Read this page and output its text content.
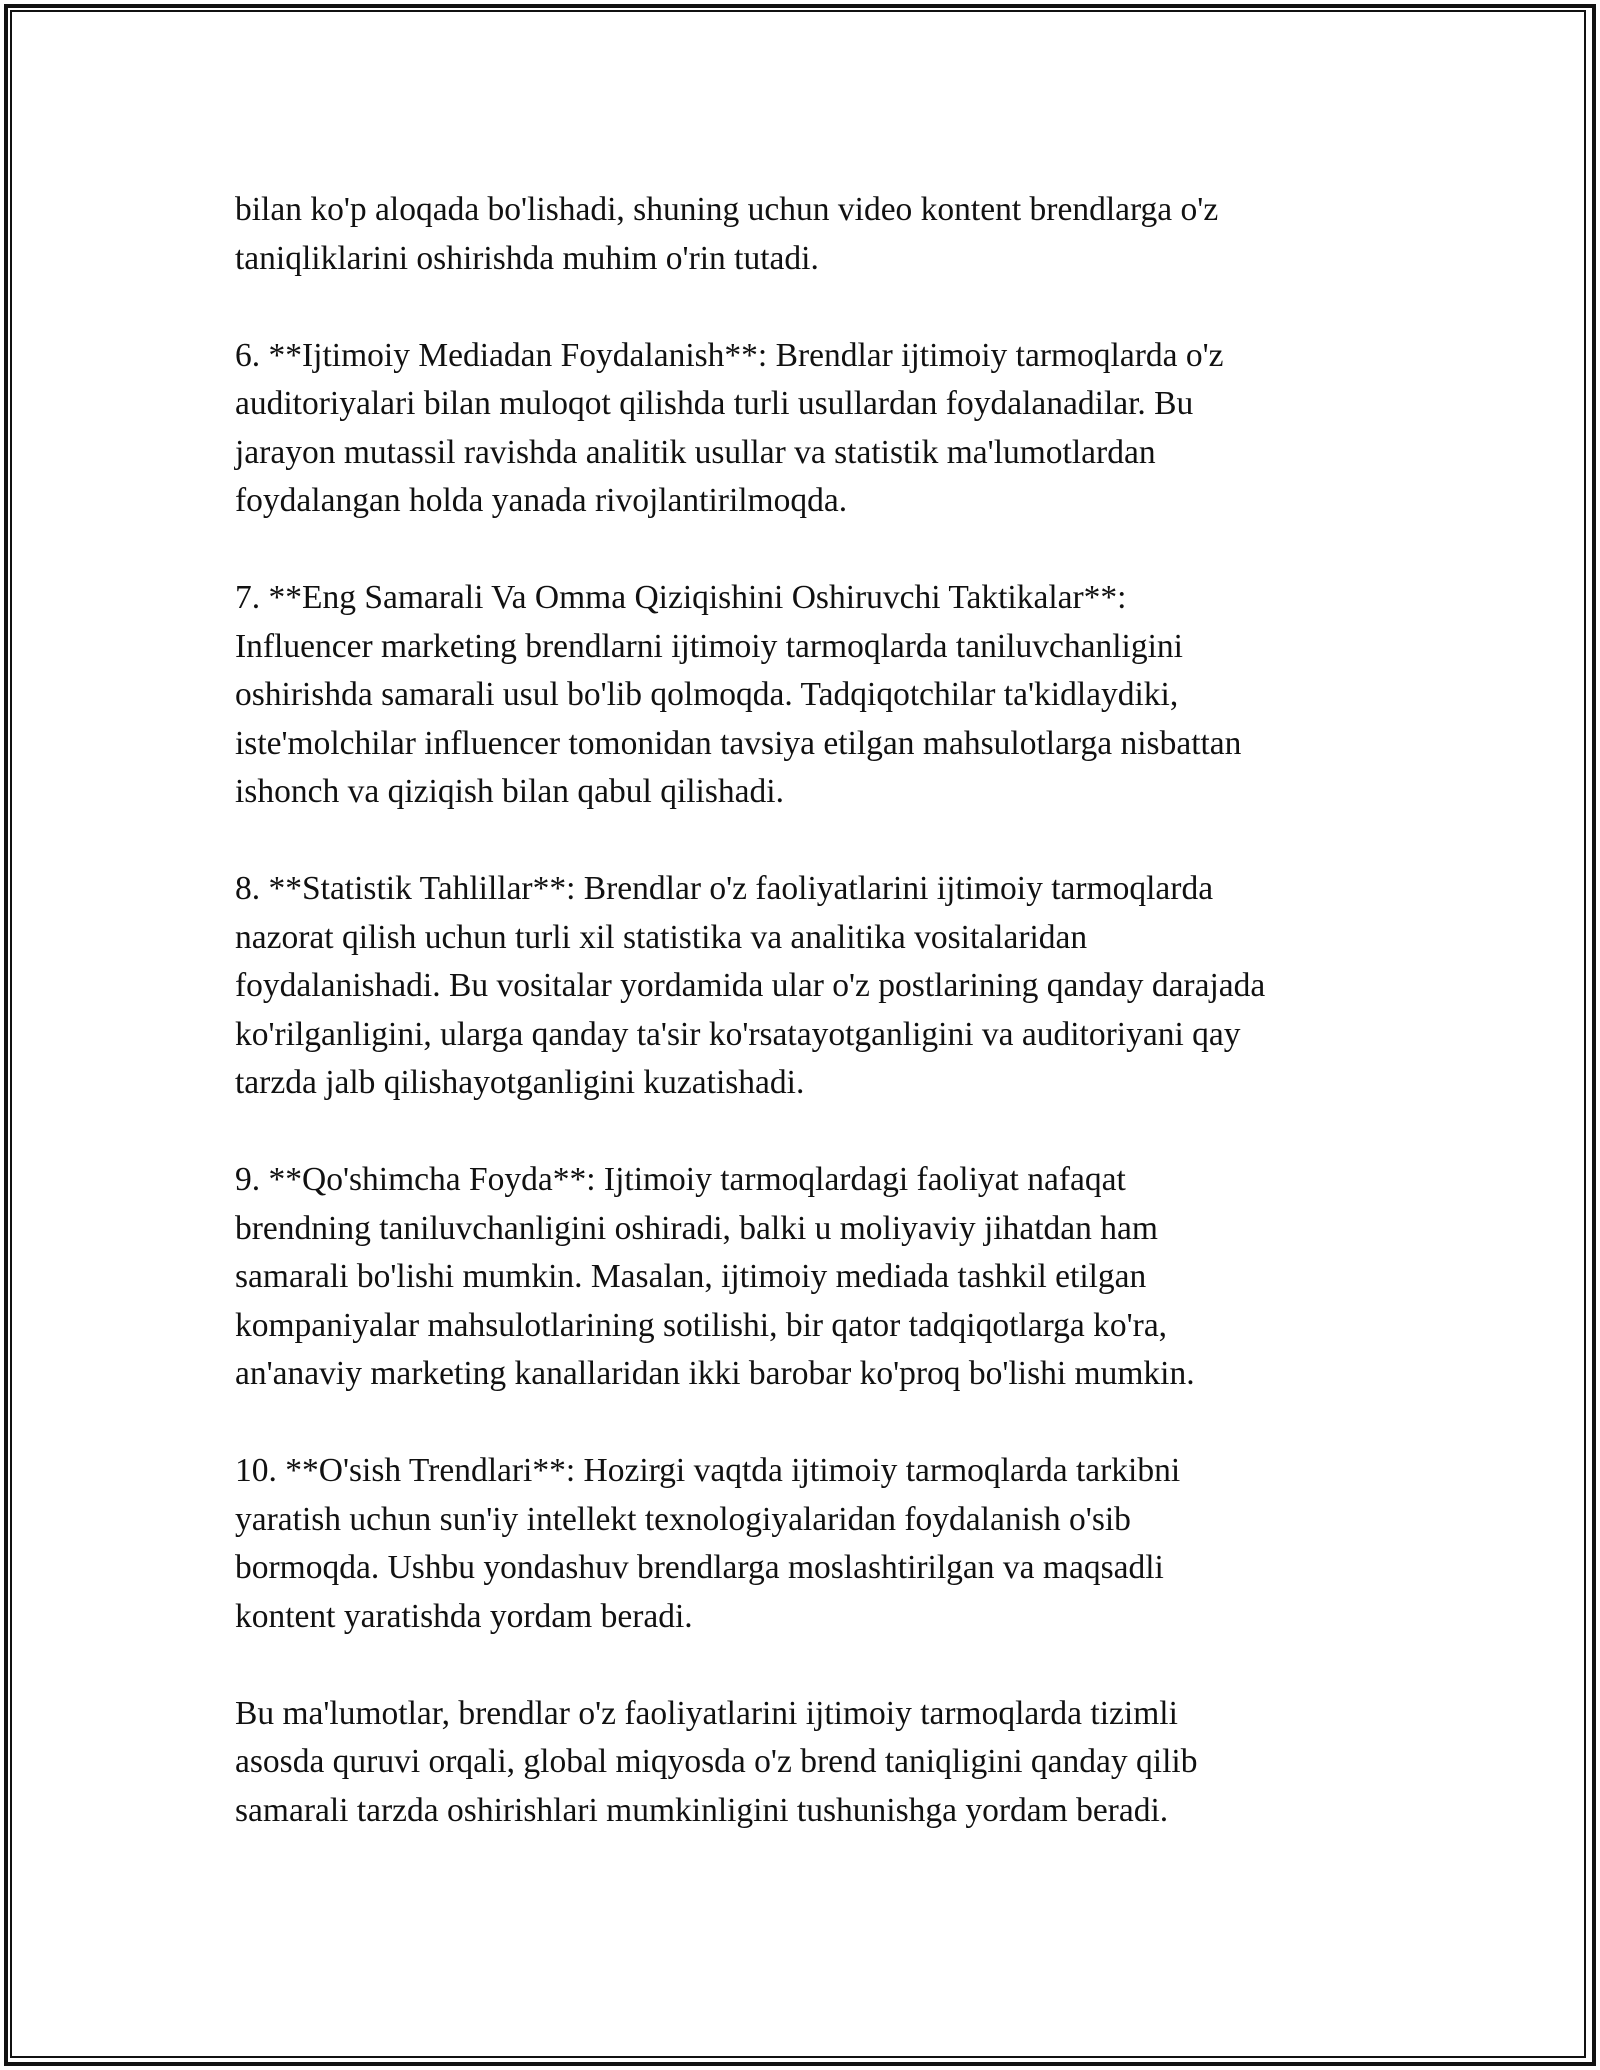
bilan ko'p aloqada bo'lishadi, shuning uchun video kontent brendlarga o'z
taniqliklarini oshirishda muhim o'rin tutadi.

6. **Ijtimoiy Mediadan Foydalanish**: Brendlar ijtimoiy tarmoqlarda o'z
auditoriyalari bilan muloqot qilishda turli usullardan foydalanadilar. Bu
jarayon mutassil ravishda analitik usullar va statistik ma'lumotlardan
foydalangan holda yanada rivojlantirilmoqda.

7. **Eng Samarali Va Omma Qiziqishini Oshiruvchi Taktikalar**:
Influencer marketing brendlarni ijtimoiy tarmoqlarda taniluvchanligini
oshirishda samarali usul bo'lib qolmoqda. Tadqiqotchilar ta'kidlaydiki,
iste'molchilar influencer tomonidan tavsiya etilgan mahsulotlarga nisbattan
ishonch va qiziqish bilan qabul qilishadi.

8. **Statistik Tahlillar**: Brendlar o'z faoliyatlarini ijtimoiy tarmoqlarda
nazorat qilish uchun turli xil statistika va analitika vositalaridan
foydalanishadi. Bu vositalar yordamida ular o'z postlarining qanday darajada
ko'rilganligini, ularga qanday ta'sir ko'rsatayotganligini va auditoriyani qay
tarzda jalb qilishayotganligini kuzatishadi.

9. **Qo'shimcha Foyda**: Ijtimoiy tarmoqlardagi faoliyat nafaqat
brendning taniluvchanligini oshiradi, balki u moliyaviy jihatdan ham
samarali bo'lishi mumkin. Masalan, ijtimoiy mediada tashkil etilgan
kompaniyalar mahsulotlarining sotilishi, bir qator tadqiqotlarga ko'ra,
an'anaviy marketing kanallaridan ikki barobar ko'proq bo'lishi mumkin.

10. **O'sish Trendlari**: Hozirgi vaqtda ijtimoiy tarmoqlarda tarkibni
yaratish uchun sun'iy intellekt texnologiyalaridan foydalanish o'sib
bormoqda. Ushbu yondashuv brendlarga moslashtirilgan va maqsadli
kontent yaratishda yordam beradi.

Bu ma'lumotlar, brendlar o'z faoliyatlarini ijtimoiy tarmoqlarda tizimli
asosda quruvi orqali, global miqyosda o'z brend taniqligini qanday qilib
samarali tarzda oshirishlari mumkinligini tushunishga yordam beradi.
